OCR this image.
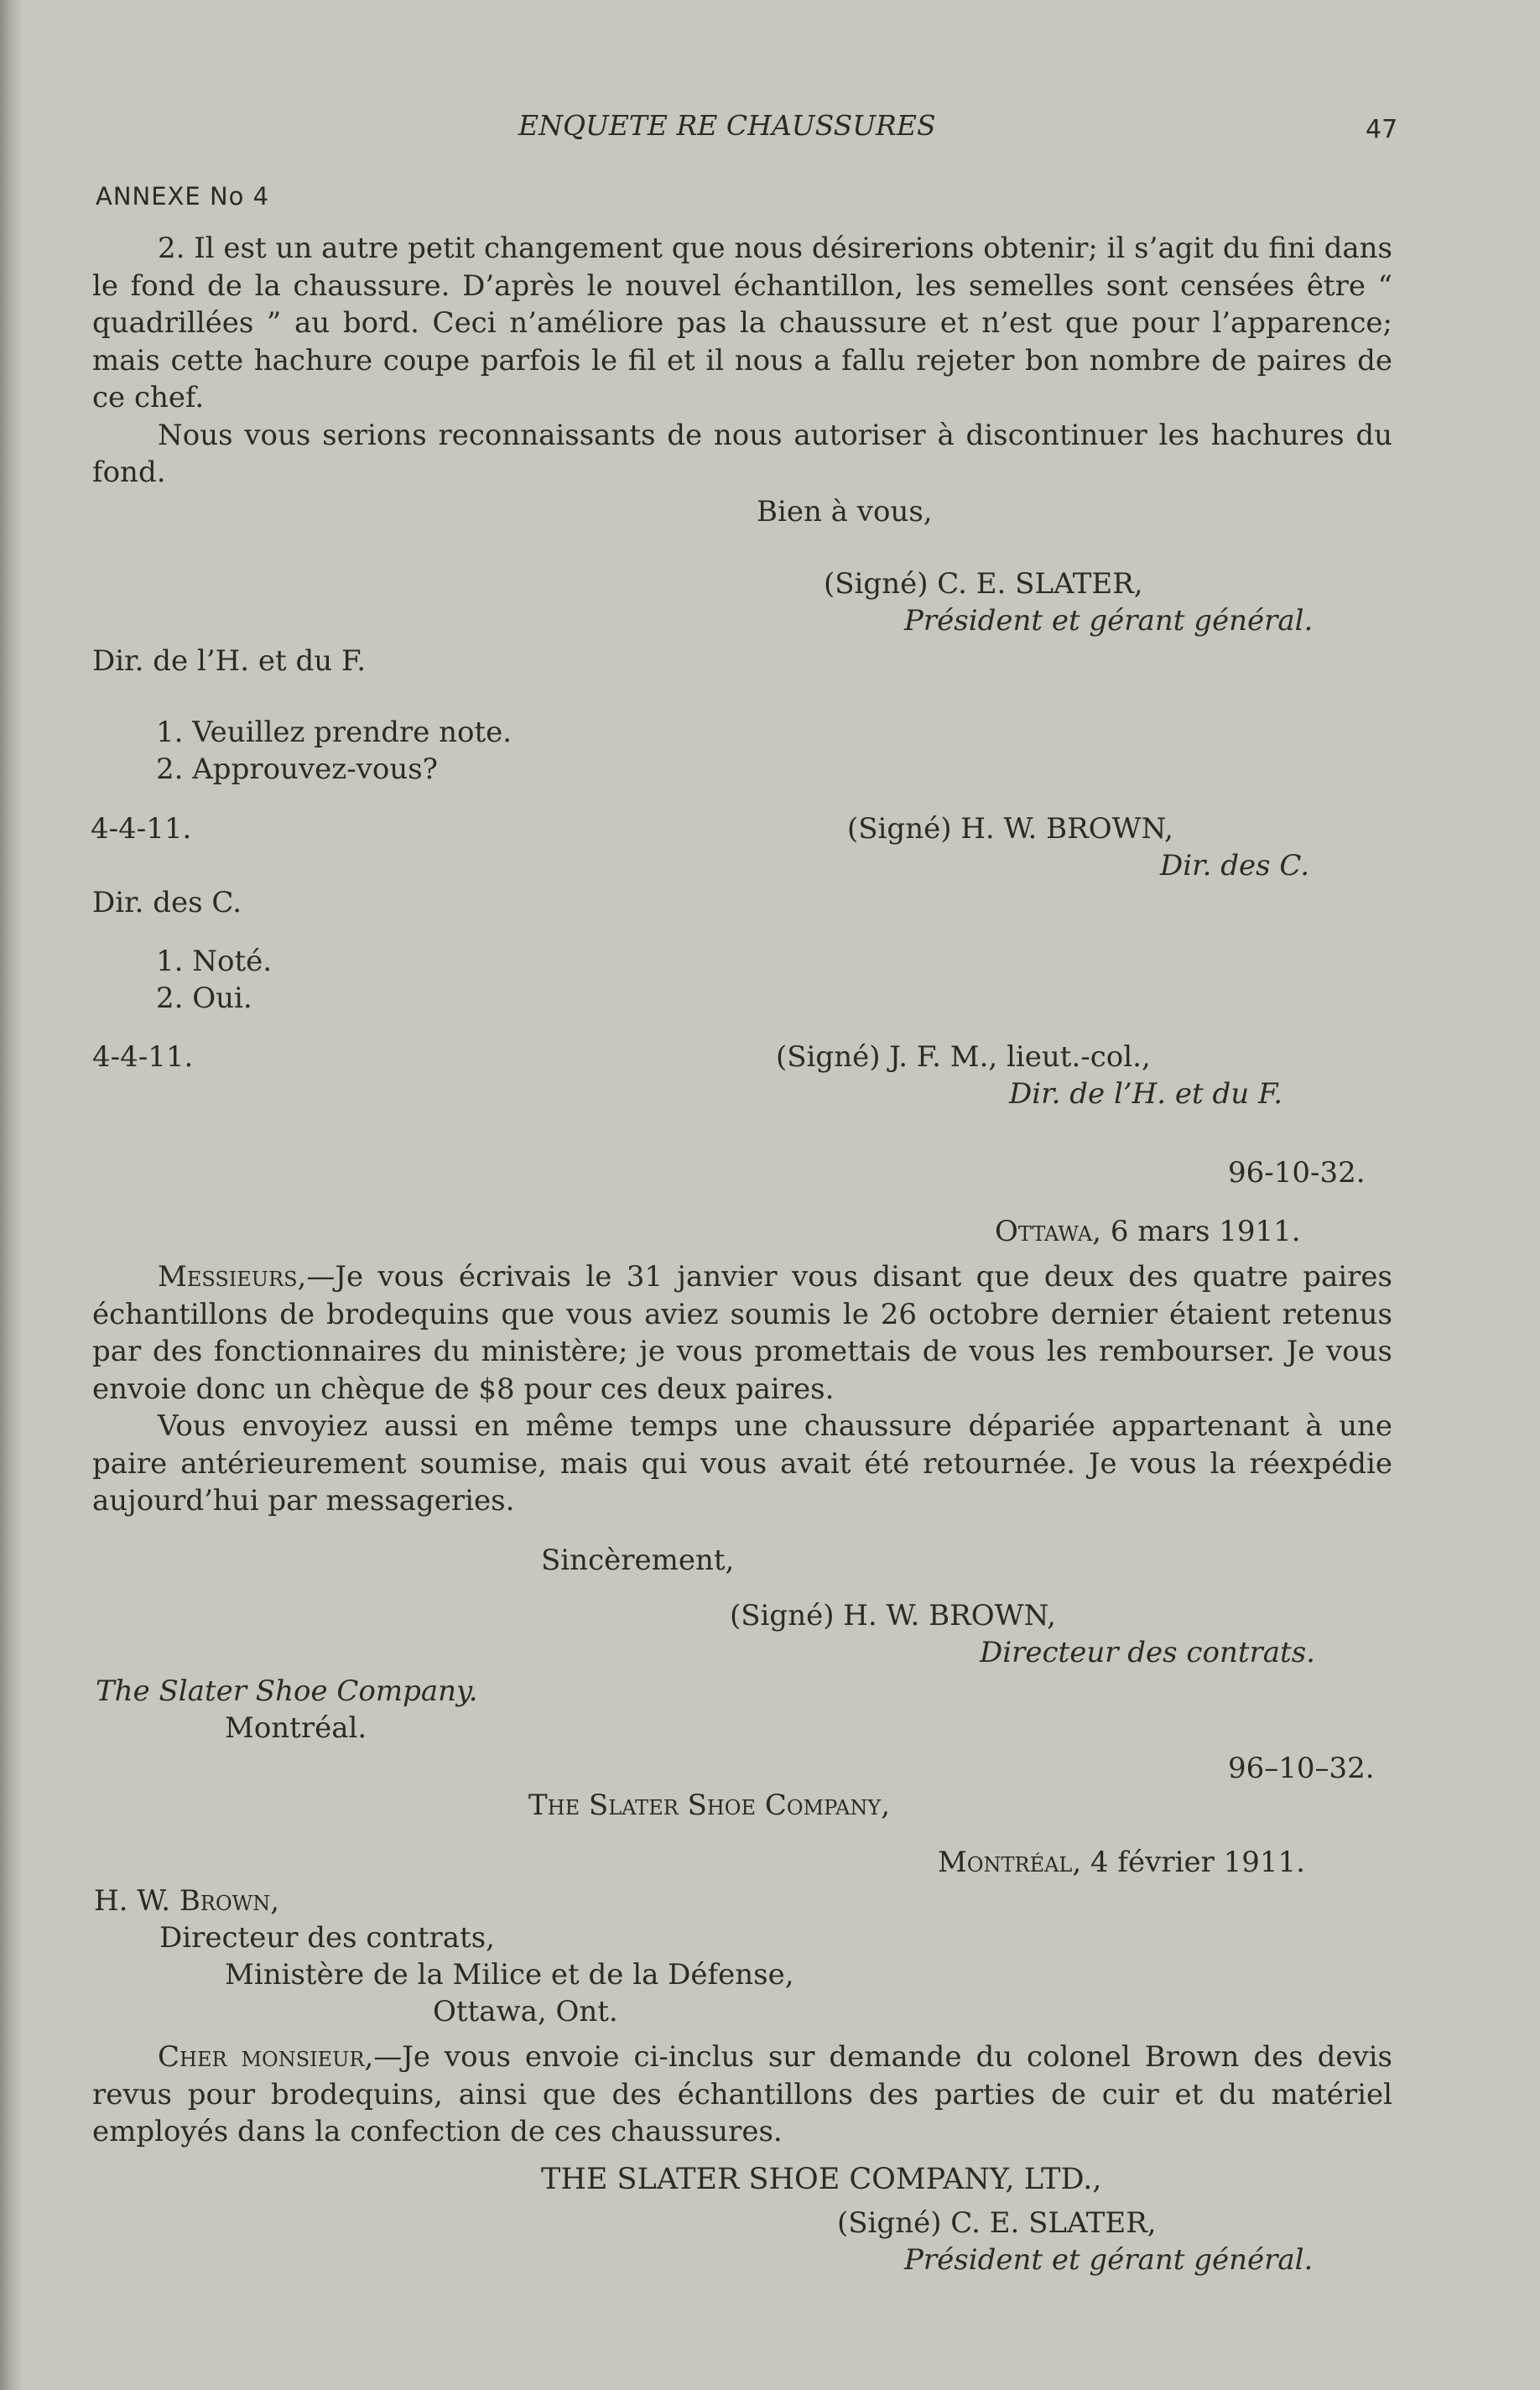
ENQUETE RE CHAUSSURES	47
ANNEXE No 4

2. Il est un autre petit changement que nous désirerions obtenir; il s’agit du fini dans le fond de la chaussure. D’après le nouvel échantillon, les semelles sont censées être “ quadrillées ” au bord. Ceci n’améliore pas la chaussure et n’est que pour l’apparence; mais cette hachure coupe parfois le fil et il nous a fallu rejeter bon nombre de paires de ce chef.

Nous vous serions reconnaissants de nous autoriser à discontinuer les hachures du fond.

Bien à vous,
(Signé) C. E. SLATER,
Président et gérant général.
Dir. de l’H. et du F.
1. Veuillez prendre note.
2. Approuvez-vous?
4-4-11.	(Signé) H. W. BROWN,
Dir. des C.
Dir. des C.
1. Noté.
2. Oui.
4-4-11.	(Signé) J. F. M., lieut.-col.,
Dir. de l’H. et du F.
96-10-32.
Ottawa, 6 mars 1911.

Messieurs,—Je vous écrivais le 31 janvier vous disant que deux des quatre paires échantillons de brodequins que vous aviez soumis le 26 octobre dernier étaient retenus par des fonctionnaires du ministère; je vous promettais de vous les rembourser. Je vous envoie donc un chèque de $8 pour ces deux paires.

Vous envoyiez aussi en même temps une chaussure dépariée appartenant à une paire antérieurement soumise, mais qui vous avait été retournée. Je vous la réexpédie aujourd’hui par messageries.

Sincèrement,
(Signé) H. W. BROWN,
Directeur des contrats.
The Slater Shoe Company.
Montréal.
96–10–32.
The Slater Shoe Company,
Montréal, 4 février 1911.
H. W. Brown,
Directeur des contrats,
Ministère de la Milice et de la Défense,
Ottawa, Ont.

Cher monsieur,—Je vous envoie ci-inclus sur demande du colonel Brown des devis revus pour brodequins, ainsi que des échantillons des parties de cuir et du matériel employés dans la confection de ces chaussures.

THE SLATER SHOE COMPANY, LTD.,
(Signé) C. E. SLATER,
Président et gérant général.
